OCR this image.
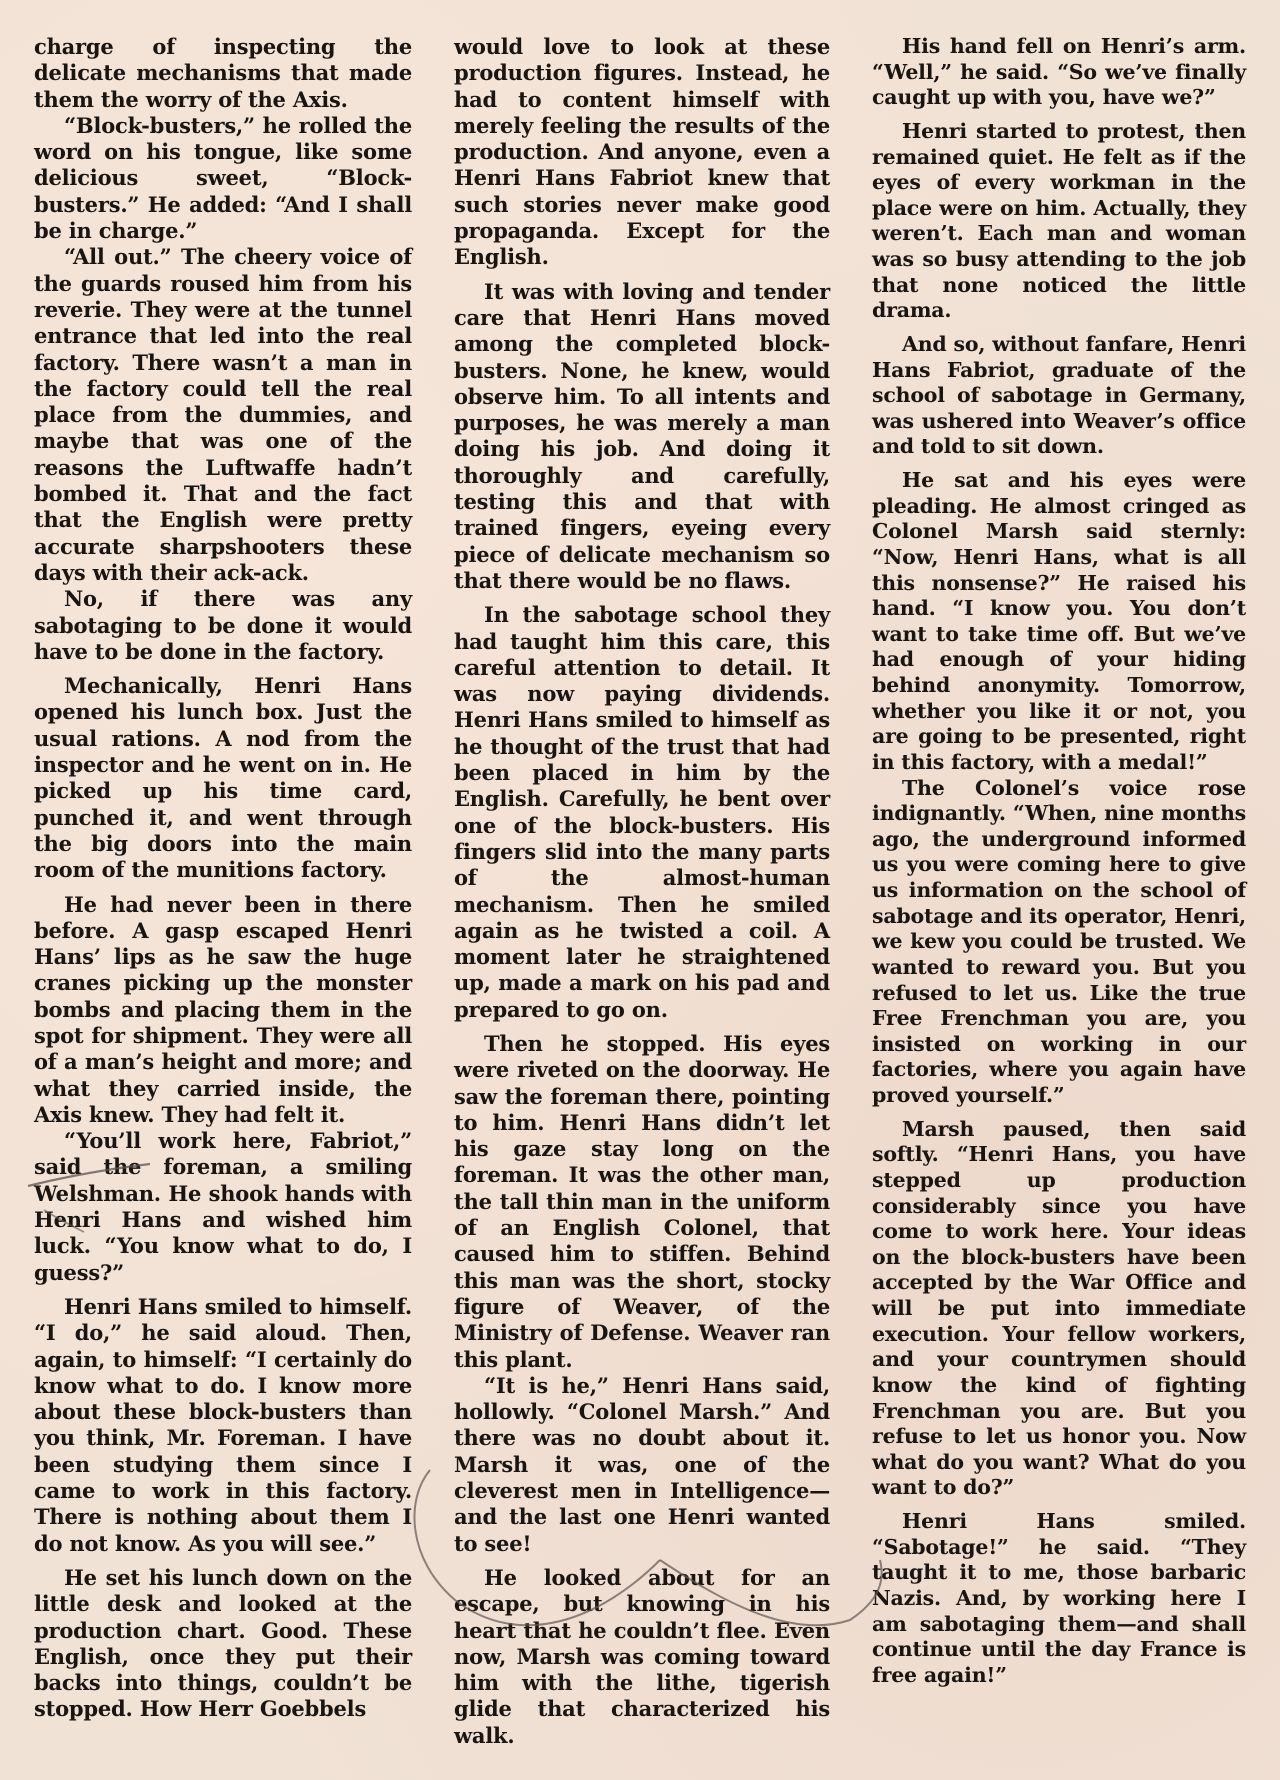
charge of inspecting the delicate mechanisms that made them the worry of the Axis.

“Block-busters,” he rolled the word on his tongue, like some delicious sweet, “Block-busters.” He added: “And I shall be in charge.”

“All out.” The cheery voice of the guards roused him from his reverie. They were at the tunnel entrance that led into the real factory. There wasn’t a man in the factory could tell the real place from the dummies, and maybe that was one of the reasons the Luftwaffe hadn’t bombed it. That and the fact that the English were pretty accurate sharpshooters these days with their ack-ack.

No, if there was any sabotaging to be done it would have to be done in the factory.

Mechanically, Henri Hans opened his lunch box. Just the usual rations. A nod from the inspector and he went on in. He picked up his time card, punched it, and went through the big doors into the main room of the munitions factory.

He had never been in there before. A gasp escaped Henri Hans’ lips as he saw the huge cranes picking up the monster bombs and placing them in the spot for shipment. They were all of a man’s height and more; and what they carried inside, the Axis knew. They had felt it.

“You’ll work here, Fabriot,” said the foreman, a smiling Welshman. He shook hands with Henri Hans and wished him luck. “You know what to do, I guess?”

Henri Hans smiled to himself. “I do,” he said aloud. Then, again, to himself: “I certainly do know what to do. I know more about these block-busters than you think, Mr. Foreman. I have been studying them since I came to work in this factory. There is nothing about them I do not know. As you will see.”

He set his lunch down on the little desk and looked at the production chart. Good. These English, once they put their backs into things, couldn’t be stopped. How Herr Goebbels

would love to look at these production figures. Instead, he had to content himself with merely feeling the results of the production. And anyone, even a Henri Hans Fabriot knew that such stories never make good propaganda. Except for the English.

It was with loving and tender care that Henri Hans moved among the completed block-busters. None, he knew, would observe him. To all intents and purposes, he was merely a man doing his job. And doing it thoroughly and carefully, testing this and that with trained fingers, eyeing every piece of delicate mechanism so that there would be no flaws.

In the sabotage school they had taught him this care, this careful attention to detail. It was now paying dividends. Henri Hans smiled to himself as he thought of the trust that had been placed in him by the English. Carefully, he bent over one of the block-busters. His fingers slid into the many parts of the almost-human mechanism. Then he smiled again as he twisted a coil. A moment later he straightened up, made a mark on his pad and prepared to go on.

Then he stopped. His eyes were riveted on the doorway. He saw the foreman there, pointing to him. Henri Hans didn’t let his gaze stay long on the foreman. It was the other man, the tall thin man in the uniform of an English Colonel, that caused him to stiffen. Behind this man was the short, stocky figure of Weaver, of the Ministry of Defense. Weaver ran this plant.

“It is he,” Henri Hans said, hollowly. “Colonel Marsh.” And there was no doubt about it. Marsh it was, one of the cleverest men in Intelligence—and the last one Henri wanted to see!

He looked about for an escape, but knowing in his heart that he couldn’t flee. Even now, Marsh was coming toward him with the lithe, tigerish glide that characterized his walk.

His hand fell on Henri’s arm. “Well,” he said. “So we’ve finally caught up with you, have we?”

Henri started to protest, then remained quiet. He felt as if the eyes of every workman in the place were on him. Actually, they weren’t. Each man and woman was so busy attending to the job that none noticed the little drama.

And so, without fanfare, Henri Hans Fabriot, graduate of the school of sabotage in Germany, was ushered into Weaver’s office and told to sit down.

He sat and his eyes were pleading. He almost cringed as Colonel Marsh said sternly: “Now, Henri Hans, what is all this nonsense?” He raised his hand. “I know you. You don’t want to take time off. But we’ve had enough of your hiding behind anonymity. Tomorrow, whether you like it or not, you are going to be presented, right in this factory, with a medal!”

The Colonel’s voice rose indignantly. “When, nine months ago, the underground informed us you were coming here to give us information on the school of sabotage and its operator, Henri, we kew you could be trusted. We wanted to reward you. But you refused to let us. Like the true Free Frenchman you are, you insisted on working in our factories, where you again have proved yourself.”

Marsh paused, then said softly. “Henri Hans, you have stepped up production considerably since you have come to work here. Your ideas on the block-busters have been accepted by the War Office and will be put into immediate execution. Your fellow workers, and your countrymen should know the kind of fighting Frenchman you are. But you refuse to let us honor you. Now what do you want? What do you want to do?”

Henri Hans smiled. “Sabotage!” he said. “They taught it to me, those barbaric Nazis. And, by working here I am sabotaging them—and shall continue until the day France is free again!”
